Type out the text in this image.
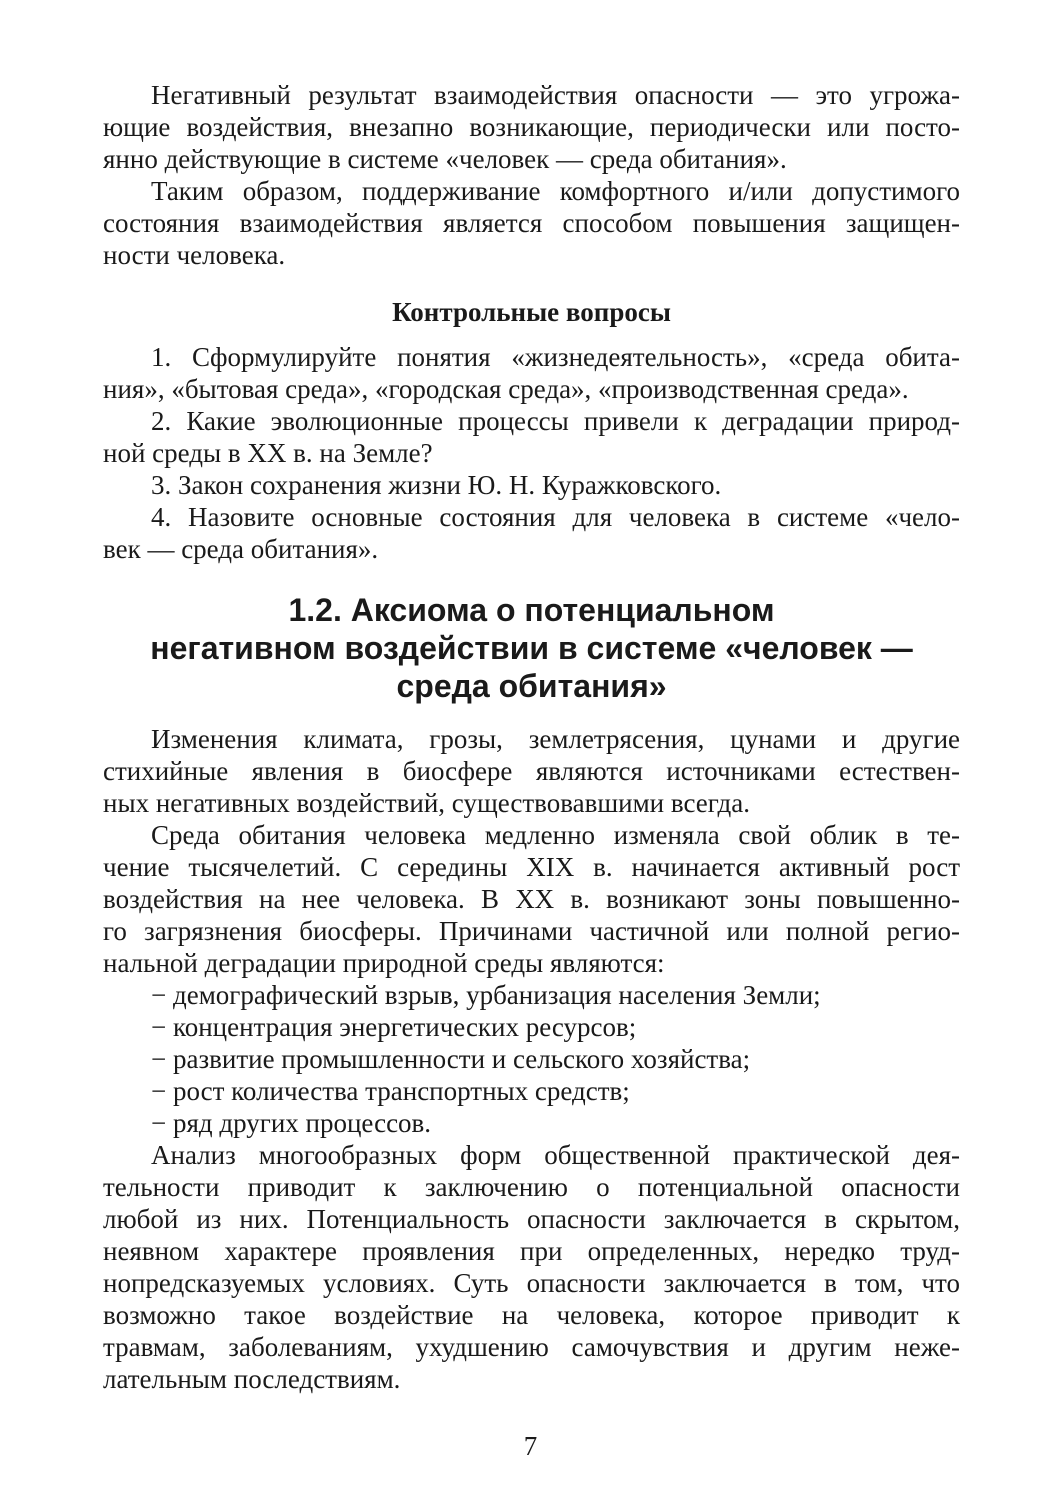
Негативный результат взаимодействия опасности — это угрожа-
ющие воздействия, внезапно возникающие, периодически или посто-
янно действующие в системе «человек — среда обитания».
Таким образом, поддерживание комфортного и/или допустимого
состояния взаимодействия является способом повышения защищен-
ности человека.
Контрольные вопросы
1. Сформулируйте понятия «жизнедеятельность», «среда обита-
ния», «бытовая среда», «городская среда», «производственная среда».
2. Какие эволюционные процессы привели к деградации природ-
ной среды в XX в. на Земле?
3. Закон сохранения жизни Ю. Н. Куражковского.
4. Назовите основные состояния для человека в системе «чело-
век — среда обитания».
1.2. Аксиома о потенциальном
негативном воздействии в системе «человек —
среда обитания»
Изменения климата, грозы, землетрясения, цунами и другие
стихийные явления в биосфере являются источниками естествен-
ных негативных воздействий, существовавшими всегда.
Среда обитания человека медленно изменяла свой облик в те-
чение тысячелетий. С середины XIX в. начинается активный рост
воздействия на нее человека. В XX в. возникают зоны повышенно-
го загрязнения биосферы. Причинами частичной или полной регио-
нальной деградации природной среды являются:
− демографический взрыв, урбанизация населения Земли;
− концентрация энергетических ресурсов;
− развитие промышленности и сельского хозяйства;
− рост количества транспортных средств;
− ряд других процессов.
Анализ многообразных форм общественной практической дея-
тельности приводит к заключению о потенциальной опасности
любой из них. Потенциальность опасности заключается в скрытом,
неявном характере проявления при определенных, нередко труд-
нопредсказуемых условиях. Суть опасности заключается в том, что
возможно такое воздействие на человека, которое приводит к
травмам, заболеваниям, ухудшению самочувствия и другим неже-
лательным последствиям.
7
